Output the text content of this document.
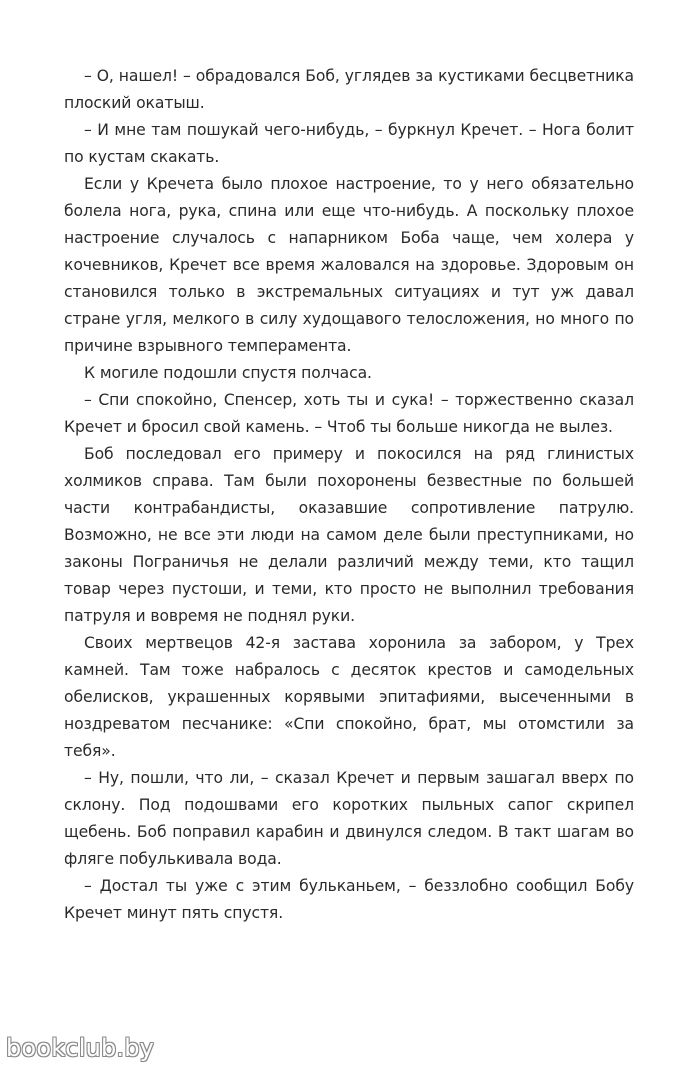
– О, нашел! – обрадовался Боб, углядев за кустиками бесцветника плоский окатыш.

– И мне там пошукай чего-нибудь, – буркнул Кречет. – Нога болит по кустам скакать.

Если у Кречета было плохое настроение, то у него обязательно болела нога, рука, спина или еще что-нибудь. А поскольку плохое настроение случалось с напарником Боба чаще, чем холера у кочевников, Кречет все время жаловался на здоровье. Здоровым он становился только в экстремальных ситуациях и тут уж давал стране угля, мелкого в силу худощавого телосложения, но много по причине взрывного темперамента.

К могиле подошли спустя полчаса.

– Спи спокойно, Спенсер, хоть ты и сука! – торжественно сказал Кречет и бросил свой камень. – Чтоб ты больше никогда не вылез.

Боб последовал его примеру и покосился на ряд глинистых холмиков справа. Там были похоронены безвестные по большей части контрабандисты, оказавшие сопротивление патрулю. Возможно, не все эти люди на самом деле были преступниками, но законы Пограничья не делали различий между теми, кто тащил товар через пустоши, и теми, кто просто не выполнил требования патруля и вовремя не поднял руки.

Своих мертвецов 42-я застава хоронила за забором, у Трех камней. Там тоже набралось с десяток крестов и самодельных обелисков, украшенных корявыми эпитафиями, высеченными в ноздреватом песчанике: «Спи спокойно, брат, мы отомстили за тебя».

– Ну, пошли, что ли, – сказал Кречет и первым зашагал вверх по склону. Под подошвами его коротких пыльных сапог скрипел щебень. Боб поправил карабин и двинулся следом. В такт шагам во фляге побулькивала вода.

– Достал ты уже с этим бульканьем, – беззлобно сообщил Бобу Кречет минут пять спустя.

bookclub.by
